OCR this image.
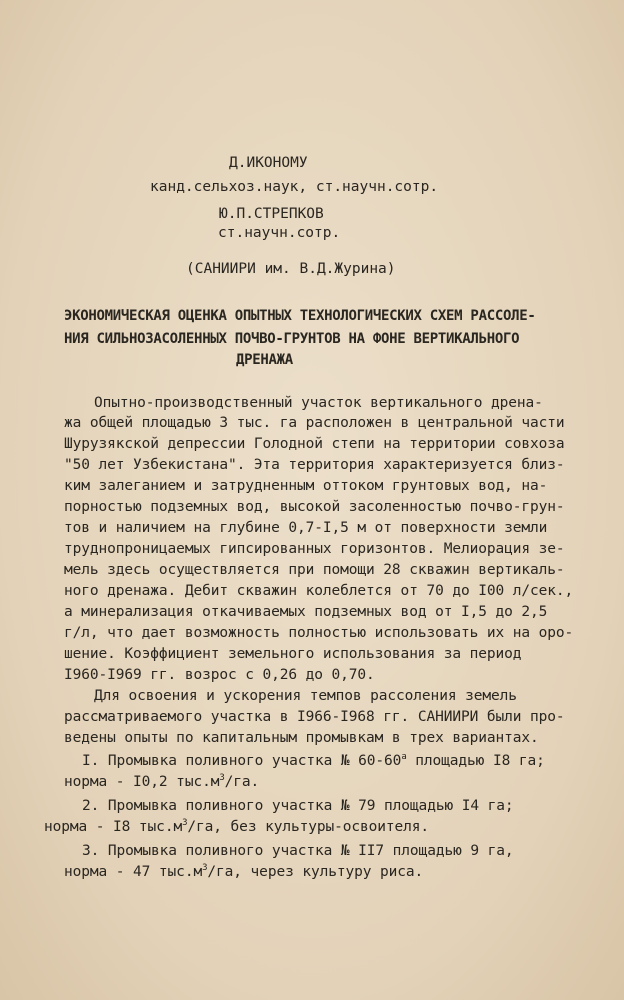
Д.ИКОНОМУ
канд.сельхоз.наук, ст.научн.сотр.
Ю.П.СТРЕПКОВ
ст.научн.сотр.
(САНИИРИ им. В.Д.Журина)
ЭКОНОМИЧЕСКАЯ ОЦЕНКА ОПЫТНЫХ ТЕХНОЛОГИЧЕСКИХ СХЕМ РАССОЛЕ-
НИЯ СИЛЬНОЗАСОЛЕННЫХ ПОЧВО-ГРУНТОВ НА ФОНЕ ВЕРТИКАЛЬНОГО
ДРЕНАЖА
Опытно-производственный участок вертикального дрена-
жа общей площадью 3 тыс. га расположен в центральной части
Шурузякской депрессии Голодной степи на территории совхоза
"50 лет Узбекистана". Эта территория характеризуется близ-
ким залеганием и затрудненным оттоком грунтовых вод, на-
порностью подземных вод, высокой засоленностью почво-грун-
тов и наличием на глубине 0,7-I,5 м от поверхности земли
труднопроницаемых гипсированных горизонтов. Мелиорация зе-
мель здесь осуществляется при помощи 28 скважин вертикаль-
ного дренажа. Дебит скважин колеблется от 70 до I00 л/сек.,
а минерализация откачиваемых подземных вод от I,5 до 2,5
г/л, что дает возможность полностью использовать их на оро-
шение. Коэффициент земельного использования за период
I960-I969 гг. возрос с 0,26 до 0,70.
Для освоения и ускорения темпов рассоления земель
рассматриваемого участка в I966-I968 гг. САНИИРИ были про-
ведены опыты по капитальным промывкам в трех вариантах.
I. Промывка поливного участка № $60-60^а$ площадью I8 га;
норма - I0,2 $тыс.м^3/га$.
2. Промывка поливного участка № 79 площадью I4 га;
норма - I8 $тыс.м^3/га$, без культуры-освоителя.
3. Промывка поливного участка № II7 площадью 9 га,
норма - 47 $тыс.м^3/га$, через культуру риса.
